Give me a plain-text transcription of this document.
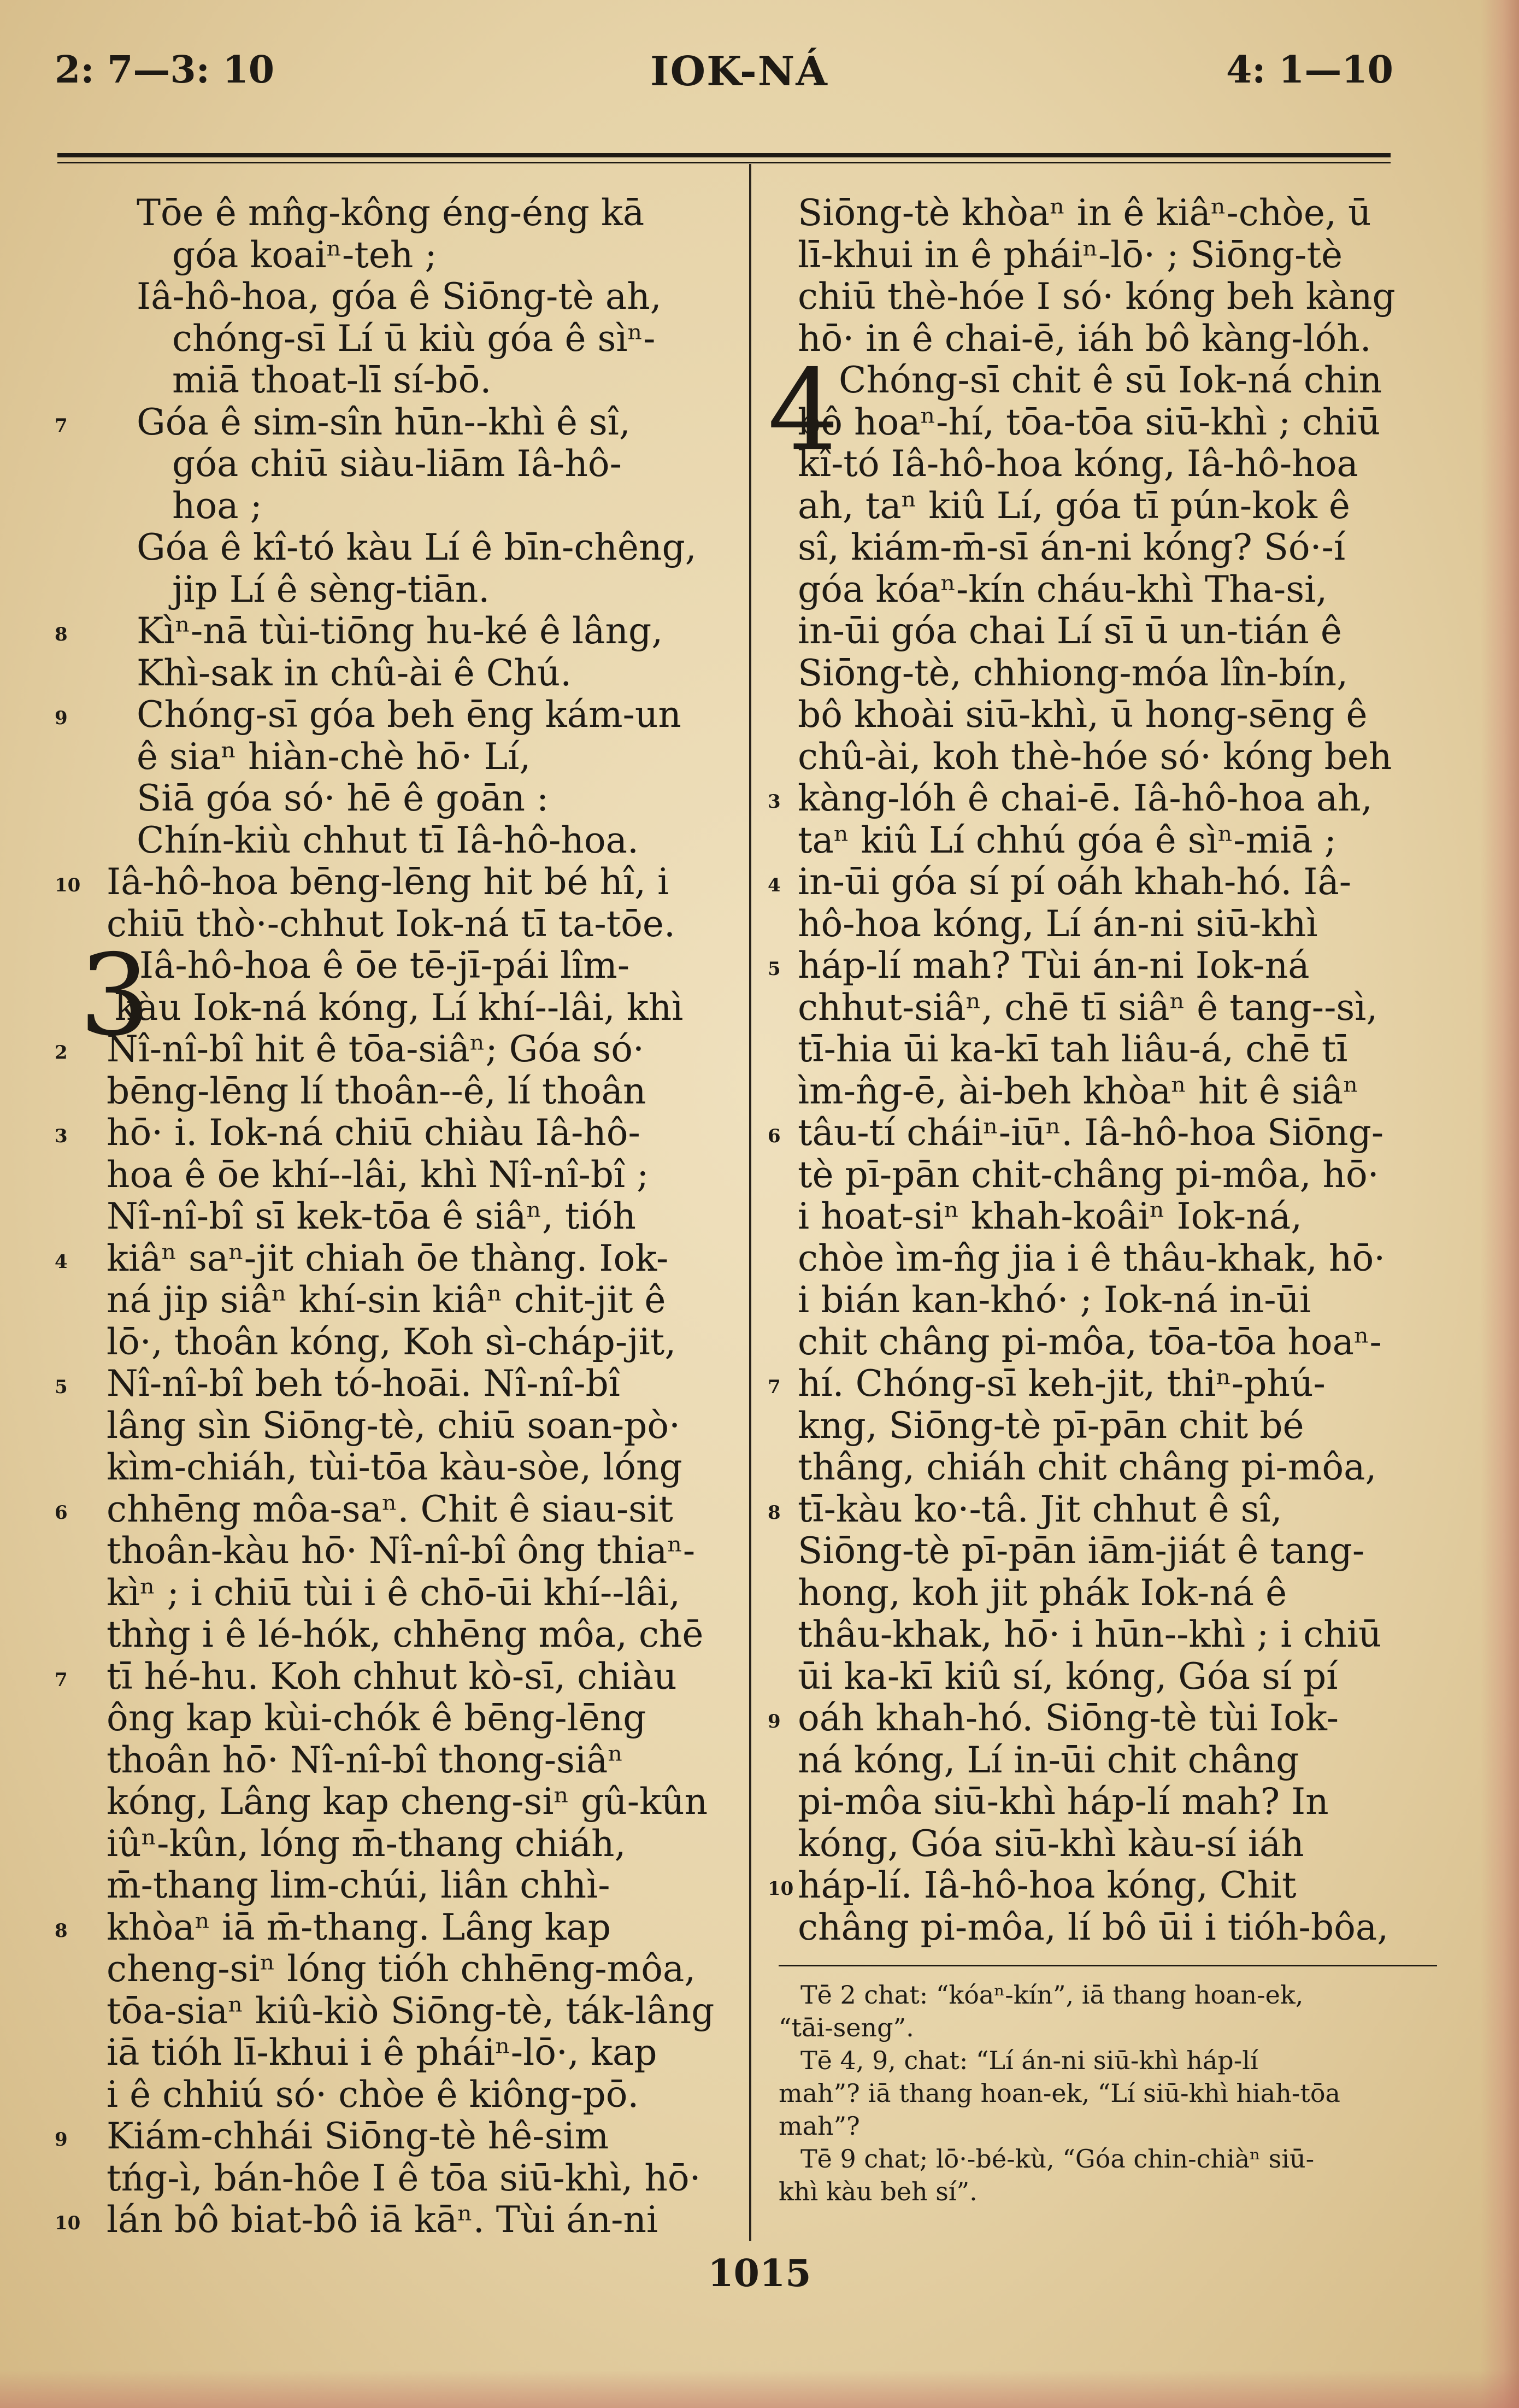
2: 7—3: 10	IOK-NÁ	4: 1—10
3
Tōe ê mn̂g-kông éng-éng kā
góa koaiⁿ-teh ;
Iâ-hô-hoa, góa ê Siōng-tè ah,
chóng-sī Lí ū kiù góa ê sìⁿ-
miā thoat-lī sí-bō.
7	Góa ê sim-sîn hūn--khì ê sî,
góa chiū siàu-liām Iâ-hô-
hoa ;
Góa ê kî-tó kàu Lí ê bīn-chêng,
jip Lí ê sèng-tiān.
8	Kìⁿ-nā tùi-tiōng hu-ké ê lâng,
Khì-sak in chû-ài ê Chú.
9	Chóng-sī góa beh ēng kám-un
ê siaⁿ hiàn-chè hō· Lí,
Siā góa só· hē ê goān :
Chín-kiù chhut tī Iâ-hô-hoa.
10 Iâ-hô-hoa bēng-lēng hit bé hî, i
chiū thò·-chhut Iok-ná tī ta-tōe.
Iâ-hô-hoa ê ōe tē-jī-pái lîm-
kàu Iok-ná kóng, Lí khí--lâi, khì
2	Nî-nî-bî hit ê tōa-siâⁿ; Góa só·
bēng-lēng lí thoân--ê, lí thoân
3	hō· i. Iok-ná chiū chiàu Iâ-hô-
hoa ê ōe khí--lâi, khì Nî-nî-bî ;
Nî-nî-bî sī kek-tōa ê siâⁿ, tióh
4	kiâⁿ saⁿ-jit chiah ōe thàng. Iok-
ná jip siâⁿ khí-sin kiâⁿ chit-jit ê
lō·, thoân kóng, Koh sì-cháp-jit,
5	Nî-nî-bî beh tó-hoāi. Nî-nî-bî
lâng sìn Siōng-tè, chiū soan-pò·
kìm-chiáh, tùi-tōa kàu-sòe, lóng
6	chhēng môa-saⁿ. Chit ê siau-sit
thoân-kàu hō· Nî-nî-bî ông thiaⁿ-
kìⁿ ; i chiū tùi i ê chō-ūi khí--lâi,
thǹg i ê lé-hók, chhēng môa, chē
7	tī hé-hu. Koh chhut kò-sī, chiàu
ông kap kùi-chók ê bēng-lēng
thoân hō· Nî-nî-bî thong-siâⁿ
kóng, Lâng kap cheng-siⁿ gû-kûn
iûⁿ-kûn, lóng m̄-thang chiáh,
m̄-thang lim-chúi, liân chhì-
8	khòaⁿ iā m̄-thang. Lâng kap
cheng-siⁿ lóng tióh chhēng-môa,
tōa-siaⁿ kiû-kiò Siōng-tè, ták-lâng
iā tióh lī-khui i ê pháiⁿ-lō·, kap
i ê chhiú só· chòe ê kiông-pō.
9	Kiám-chhái Siōng-tè hê-sim
tńg-ì, bán-hôe I ê tōa siū-khì, hō·
10 lán bô biat-bô iā kāⁿ. Tùi án-ni
4
Siōng-tè khòaⁿ in ê kiâⁿ-chòe, ū
lī-khui in ê pháiⁿ-lō· ; Siōng-tè
chiū thè-hóe I só· kóng beh kàng
hō· in ê chai-ē, iáh bô kàng-lóh.
Chóng-sī chit ê sū Iok-ná chin
bô hoaⁿ-hí, tōa-tōa siū-khì ; chiū
kî-tó Iâ-hô-hoa kóng, Iâ-hô-hoa
ah, taⁿ kiû Lí, góa tī pún-kok ê
sî, kiám-m̄-sī án-ni kóng? Só·-í
góa kóaⁿ-kín cháu-khì Tha-si,
in-ūi góa chai Lí sī ū un-tián ê
Siōng-tè, chhiong-móa lîn-bín,
bô khoài siū-khì, ū hong-sēng ê
chû-ài, koh thè-hóe só· kóng beh
3 kàng-lóh ê chai-ē. Iâ-hô-hoa ah,
taⁿ kiû Lí chhú góa ê sìⁿ-miā ;
4 in-ūi góa sí pí oáh khah-hó. Iâ-
hô-hoa kóng, Lí án-ni siū-khì
5 háp-lí mah? Tùi án-ni Iok-ná
chhut-siâⁿ, chē tī siâⁿ ê tang--sì,
tī-hia ūi ka-kī tah liâu-á, chē tī
ìm-n̂g-ē, ài-beh khòaⁿ hit ê siâⁿ
6 tâu-tí cháiⁿ-iūⁿ. Iâ-hô-hoa Siōng-
tè pī-pān chit-châng pi-môa, hō·
i hoat-siⁿ khah-koâiⁿ Iok-ná,
chòe ìm-n̂g jia i ê thâu-khak, hō·
i bián kan-khó· ; Iok-ná in-ūi
chit châng pi-môa, tōa-tōa hoaⁿ-
7 hí. Chóng-sī keh-jit, thiⁿ-phú-
kng, Siōng-tè pī-pān chit bé
thâng, chiáh chit châng pi-môa,
8 tī-kàu ko·-tâ. Jit chhut ê sî,
Siōng-tè pī-pān iām-jiát ê tang-
hong, koh jit phák Iok-ná ê
thâu-khak, hō· i hūn--khì ; i chiū
ūi ka-kī kiû sí, kóng, Góa sí pí
9 oáh khah-hó. Siōng-tè tùi Iok-
ná kóng, Lí in-ūi chit châng
pi-môa siū-khì háp-lí mah? In
kóng, Góa siū-khì kàu-sí iáh
10 háp-lí. Iâ-hô-hoa kóng, Chit
châng pi-môa, lí bô ūi i tióh-bôa,
Tē 2 chat: “kóaⁿ-kín”, iā thang hoan-ek,
“tāi-seng”.
Tē 4, 9, chat: “Lí án-ni siū-khì háp-lí
mah”? iā thang hoan-ek, “Lí siū-khì hiah-tōa
mah”?
Tē 9 chat; lō·-bé-kù, “Góa chin-chiàⁿ siū-
khì kàu beh sí”.
1015
